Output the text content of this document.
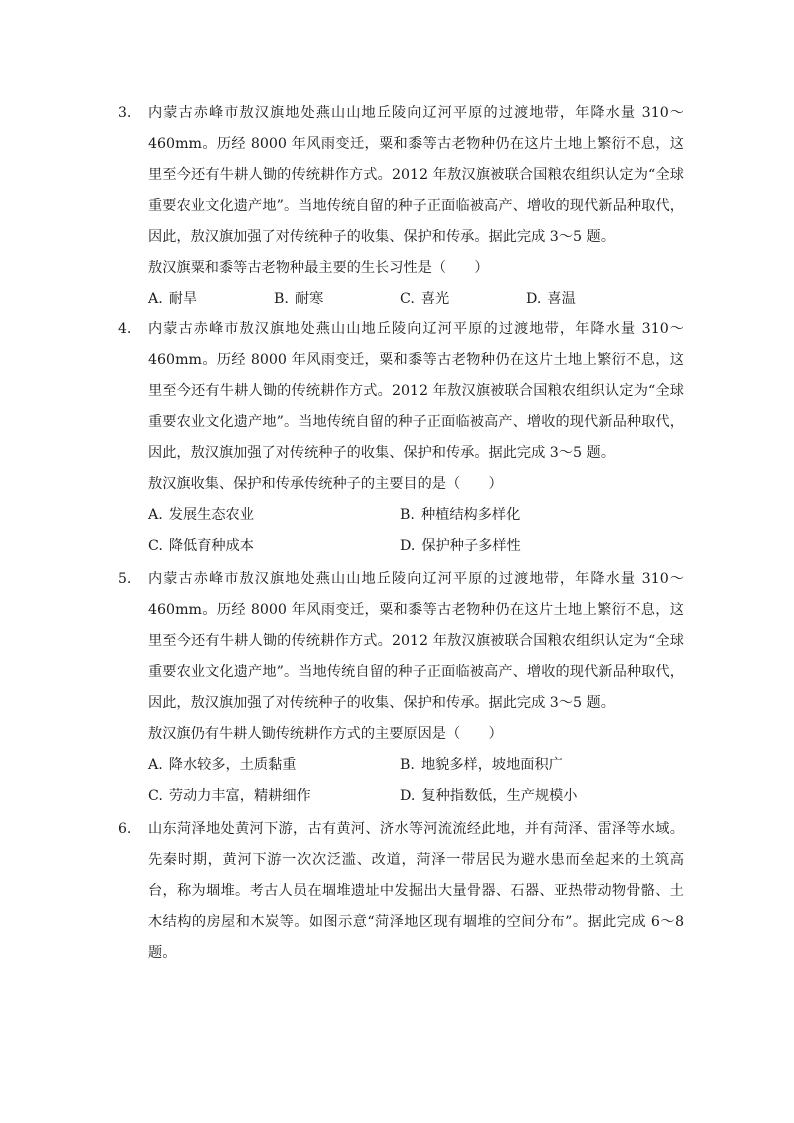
3. 内蒙古赤峰市敖汉旗地处燕山山地丘陵向辽河平原的过渡地带，年降水量 310～460mm。历经 8000 年风雨变迁，粟和黍等古老物种仍在这片土地上繁衍不息，这里至今还有牛耕人锄的传统耕作方式。2012 年敖汉旗被联合国粮农组织认定为“全球重要农业文化遗产地”。当地传统自留的种子正面临被高产、增收的现代新品种取代，因此，敖汉旗加强了对传统种子的收集、保护和传承。据此完成 3～5 题。

敖汉旗粟和黍等古老物种最主要的生长习性是（　　）
A. 耐旱	B. 耐寒	C. 喜光	D. 喜温
4. 内蒙古赤峰市敖汉旗地处燕山山地丘陵向辽河平原的过渡地带，年降水量 310～460mm。历经 8000 年风雨变迁，粟和黍等古老物种仍在这片土地上繁衍不息，这里至今还有牛耕人锄的传统耕作方式。2012 年敖汉旗被联合国粮农组织认定为“全球重要农业文化遗产地”。当地传统自留的种子正面临被高产、增收的现代新品种取代，因此，敖汉旗加强了对传统种子的收集、保护和传承。据此完成 3～5 题。

敖汉旗收集、保护和传承传统种子的主要目的是（　　）
A. 发展生态农业	B. 种植结构多样化
C. 降低育种成本	D. 保护种子多样性
5. 内蒙古赤峰市敖汉旗地处燕山山地丘陵向辽河平原的过渡地带，年降水量 310～460mm。历经 8000 年风雨变迁，粟和黍等古老物种仍在这片土地上繁衍不息，这里至今还有牛耕人锄的传统耕作方式。2012 年敖汉旗被联合国粮农组织认定为“全球重要农业文化遗产地”。当地传统自留的种子正面临被高产、增收的现代新品种取代，因此，敖汉旗加强了对传统种子的收集、保护和传承。据此完成 3～5 题。

敖汉旗仍有牛耕人锄传统耕作方式的主要原因是（　　）
A. 降水较多，土质黏重	B. 地貌多样，坡地面积广
C. 劳动力丰富，精耕细作	D. 复种指数低，生产规模小
6. 山东菏泽地处黄河下游，古有黄河、济水等河流流经此地，并有菏泽、雷泽等水域。先秦时期，黄河下游一次次泛滥、改道，菏泽一带居民为避水患而垒起来的土筑高台，称为堌堆。考古人员在堌堆遗址中发掘出大量骨器、石器、亚热带动物骨骼、土木结构的房屋和木炭等。如图示意“菏泽地区现有堌堆的空间分布”。据此完成 6～8 题。
